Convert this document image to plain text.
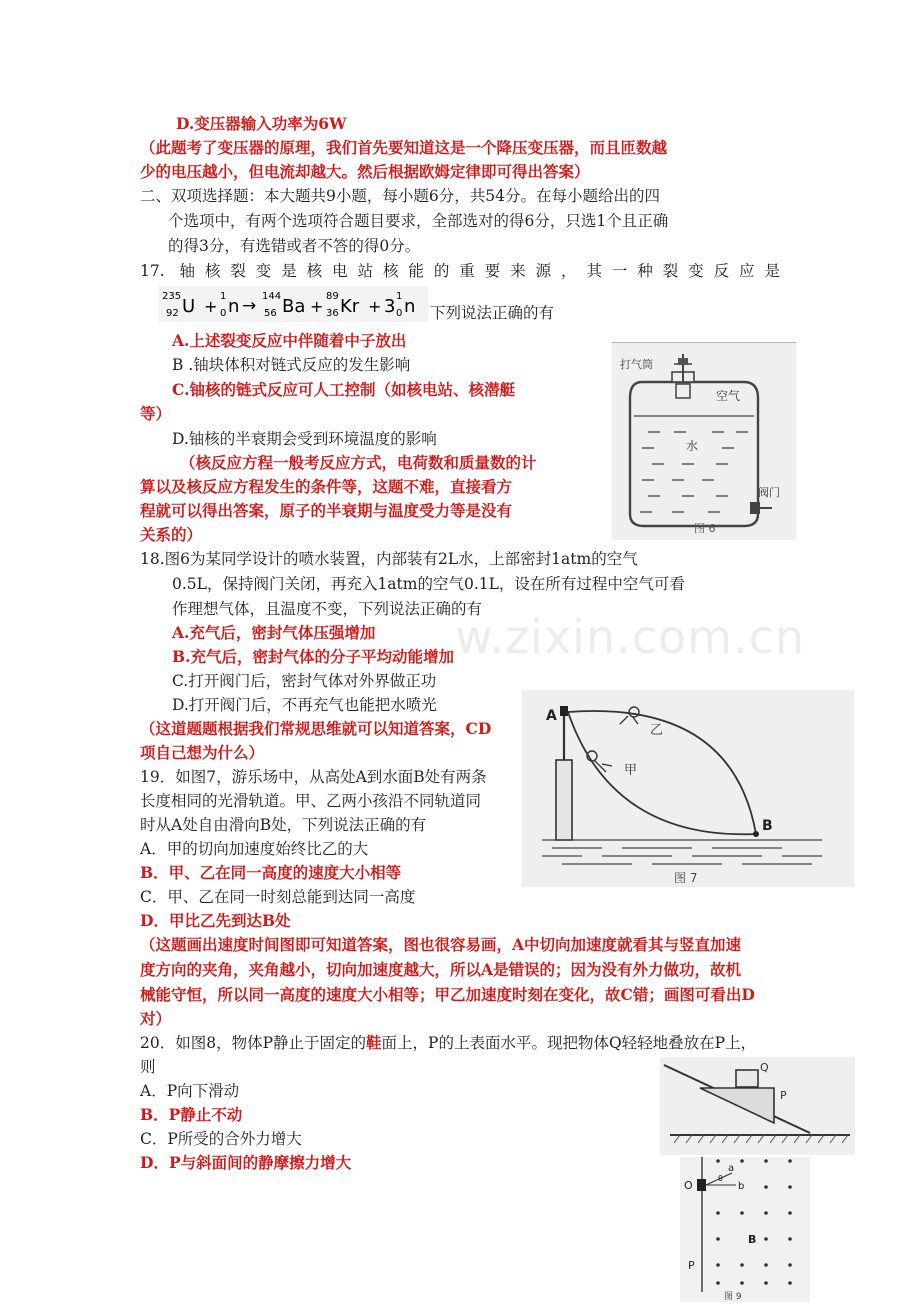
w.zixin.com.cn
D.变压器输入功率为6W
（此题考了变压器的原理，我们首先要知道这是一个降压变压器，而且匝数越
少的电压越小，但电流却越大。然后根据欧姆定律即可得出答案）
二、双项选择题：本大题共9小题，每小题6分，共54分。在每小题给出的四
个选项中，有两个选项符合题目要求，全部选对的得6分，只选1个且正确
的得3分，有选错或者不答的得0分。
17. 轴核裂变是核电站核能的重要来源，其一种裂变反应是
235
92 U +
1
0 n → 144
56 Ba +
89
36 Kr + 3 1
0 n 下列说法正确的有
A.上述裂变反应中伴随着中子放出
B .铀块体积对链式反应的发生影响
C.铀核的链式反应可人工控制（如核电站、核潜艇
等）
D.铀核的半衰期会受到环境温度的影响
（核反应方程一般考反应方式，电荷数和质量数的计
算以及核反应方程发生的条件等，这题不难，直接看方
程就可以得出答案，原子的半衰期与温度受力等是没有
关系的）
打气筒
空气
水
阀门
图 6
18.图6为某同学设计的喷水装置，内部装有2L水，上部密封1atm的空气
0.5L，保持阀门关闭，再充入1atm的空气0.1L，设在所有过程中空气可看
作理想气体，且温度不变，下列说法正确的有
A.充气后，密封气体压强增加
B.充气后，密封气体的分子平均动能增加
C.打开阀门后，密封气体对外界做正功
D.打开阀门后，不再充气也能把水喷光
（这道题题根据我们常规思维就可以知道答案，CD
项自己想为什么）
A
B
乙
甲
图 7
19．如图7，游乐场中，从高处A到水面B处有两条
长度相同的光滑轨道。甲、乙两小孩沿不同轨道同
时从A处自由滑向B处，下列说法正确的有
A．甲的切向加速度始终比乙的大
B．甲、乙在同一高度的速度大小相等
C．甲、乙在同一时刻总能到达同一高度
D．甲比乙先到达B处
（这题画出速度时间图即可知道答案，图也很容易画，A中切向加速度就看其与竖直加速
度方向的夹角，夹角越小，切向加速度越大，所以A是错误的；因为没有外力做功，故机
械能守恒，所以同一高度的速度大小相等；甲乙加速度时刻在变化，故C错；画图可看出D
对）
20．如图8，物体P静止于固定的鞋面上，P的上表面水平。现把物体Q轻轻地叠放在P上，
则
A．P向下滑动
B．P静止不动
C．P所受的合外力增大
D．P与斜面间的静摩擦力增大
Q
P
O
a
b
θ
B
P
图 9
